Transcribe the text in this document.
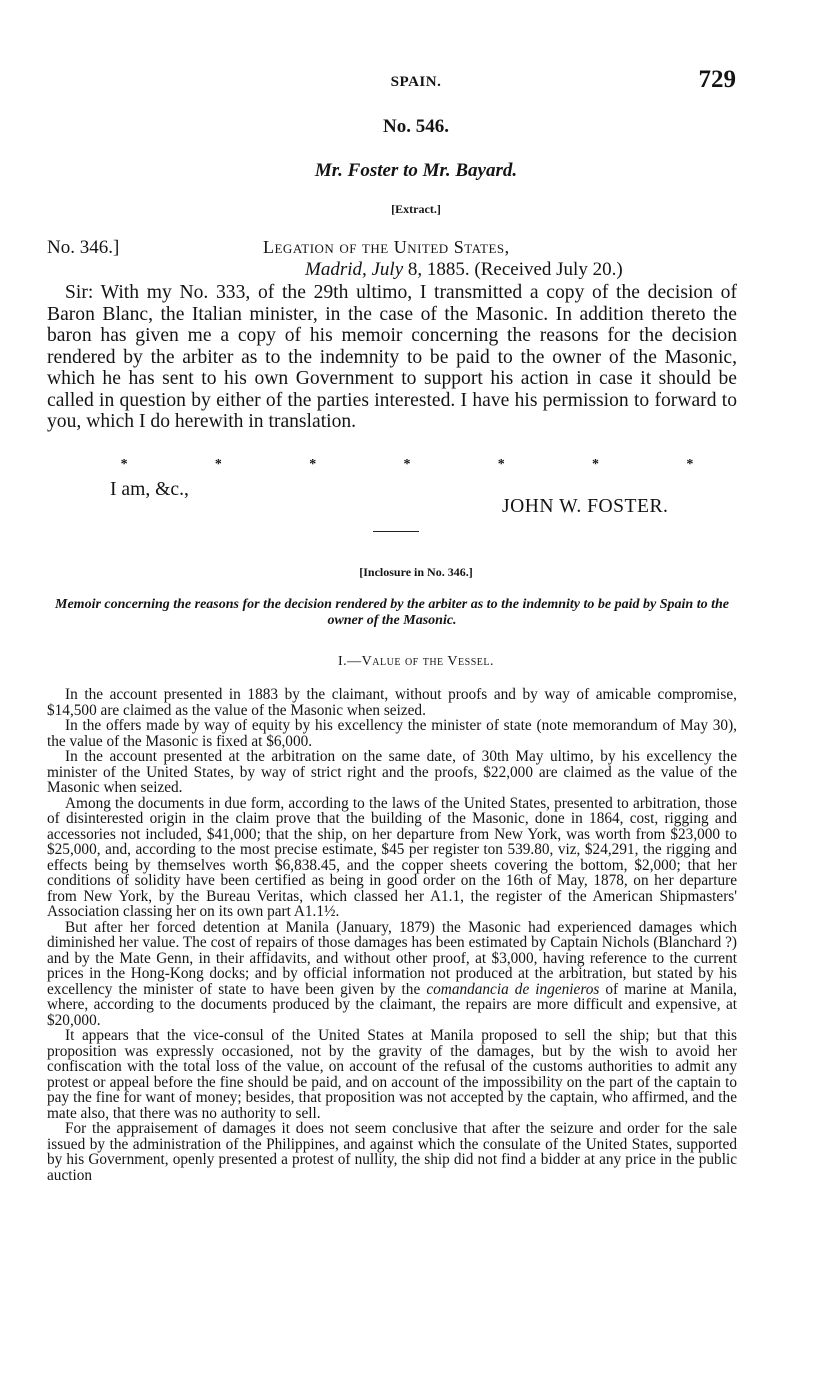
SPAIN.	729
No. 546.
Mr. Foster to Mr. Bayard.
[Extract.]
No. 346.]	Legation of the United States,
Madrid, July 8, 1885. (Received July 20.)

Sir: With my No. 333, of the 29th ultimo, I transmitted a copy of the decision of Baron Blanc, the Italian minister, in the case of the Masonic. In addition thereto the baron has given me a copy of his memoir concerning the reasons for the decision rendered by the arbiter as to the indemnity to be paid to the owner of the Masonic, which he has sent to his own Government to support his action in case it should be called in question by either of the parties interested. I have his permission to forward to you, which I do herewith in translation.

*	*	*	*	*	*	*
I am, &c.,
JOHN W. FOSTER.
[Inclosure in No. 346.]
Memoir concerning the reasons for the decision rendered by the arbiter as to the indemnity to be paid by Spain to the owner of the Masonic.
I.—Value of the Vessel.

In the account presented in 1883 by the claimant, without proofs and by way of amicable compromise, $14,500 are claimed as the value of the Masonic when seized.

In the offers made by way of equity by his excellency the minister of state (note memorandum of May 30), the value of the Masonic is fixed at $6,000.

In the account presented at the arbitration on the same date, of 30th May ultimo, by his excellency the minister of the United States, by way of strict right and the proofs, $22,000 are claimed as the value of the Masonic when seized.

Among the documents in due form, according to the laws of the United States, presented to arbitration, those of disinterested origin in the claim prove that the building of the Masonic, done in 1864, cost, rigging and accessories not included, $41,000; that the ship, on her departure from New York, was worth from $23,000 to $25,000, and, according to the most precise estimate, $45 per register ton 539.80, viz, $24,291, the rigging and effects being by themselves worth $6,838.45, and the copper sheets covering the bottom, $2,000; that her conditions of solidity have been certified as being in good order on the 16th of May, 1878, on her departure from New York, by the Bureau Veritas, which classed her A1.1, the register of the American Shipmasters' Association classing her on its own part A1.1½.

But after her forced detention at Manila (January, 1879) the Masonic had experienced damages which diminished her value. The cost of repairs of those damages has been estimated by Captain Nichols (Blanchard ?) and by the Mate Genn, in their affidavits, and without other proof, at $3,000, having reference to the current prices in the Hong-Kong docks; and by official information not produced at the arbitration, but stated by his excellency the minister of state to have been given by the comandancia de ingenieros of marine at Manila, where, according to the documents produced by the claimant, the repairs are more difficult and expensive, at $20,000.

It appears that the vice-consul of the United States at Manila proposed to sell the ship; but that this proposition was expressly occasioned, not by the gravity of the damages, but by the wish to avoid her confiscation with the total loss of the value, on account of the refusal of the customs authorities to admit any protest or appeal before the fine should be paid, and on account of the impossibility on the part of the captain to pay the fine for want of money; besides, that proposition was not accepted by the captain, who affirmed, and the mate also, that there was no authority to sell.

For the appraisement of damages it does not seem conclusive that after the seizure and order for the sale issued by the administration of the Philippines, and against which the consulate of the United States, supported by his Government, openly presented a protest of nullity, the ship did not find a bidder at any price in the public auction
